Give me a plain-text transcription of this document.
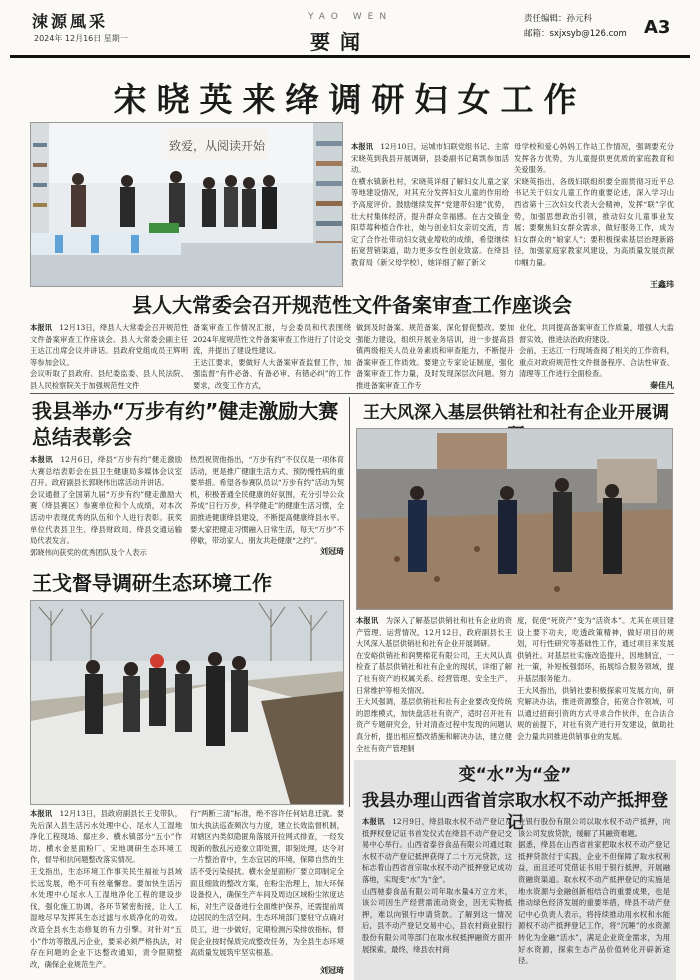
涑源風采
2024年 12月16日 星期一
YAO WEN
要闻
责任编辑：孙元科
邮箱：sxjxsyb@126.com A3
宋晓英来绛调研妇女工作
致爱，从阅读开始	本报讯　 12月10日，运城市妇联党组书记、主席宋晓英到我县开展调研，县委副书记葛凯参加活动。
在横水镇新杜村，宋晓英详细了解妇女儿童之家等地建设情况，对其充分发挥妇女儿童的作用给予高度评价。鼓励继续发挥“党建带妇建”优势，壮大村集体经济，提升群众幸福感。在古交镇金阳草莓种植合作社，她与创业妇女亲切交流，肯定了合作社带动妇女就业增收的成绩，希望继续拓宽营销渠道，助力更多女性创业致富。在绛县教育局（新父母学校），她详细了解了新父
母学校和爱心妈妈工作站工作情况，强调要充分发挥各方优势，为儿童提供更优质的家庭教育和关爱服务。
宋晓英指出，各级妇联组织要全面贯彻习近平总书记关于妇女儿童工作的重要论述，深入学习山西省第十三次妇女代表大会精神，发挥“联”字优势，加强思想政治引领，推动妇女儿童事业发展；要聚焦妇女群众需求，做好服务工作，成为妇女群众的“娘家人”；要积极探索基层治理新路径，加强家庭家教家风建设，为高质量发展贡献巾帼力量。
王鑫玮
县人大常委会召开规范性文件备案审查工作座谈会
本报讯　 12月13日，绛县人大常委会召开规范性文件备案审查工作座谈会。县人大常委会副主任王达江出席会议并讲话。县政府党组成员王辉明等参加会议。
会议听取了县政府、县纪委监委、县人民法院、县人民检察院关于加强规范性文件
备案审查工作情况汇报，与会委员和代表围绕2024年度规范性文件备案审查工作进行了讨论交流，并提出了建设性建议。
王达江要求，要做好人大备案审查监督工作，加强监督“有件必备、有备必审、有错必纠”的工作要求，改变工作方式，
做到及时备案、规范备案、深化督促整改。要加强能力建设，组织开展业务培训，进一步提高县镇两级相关人员业务素质和审查能力，不断提升备案审查工作质效。要建立专家论证制度，强化备案审查工作力量，及时发现深层次问题。努力推进备案审查工作专
业化，共同提高备案审查工作质量，增强人大监督实效，推进法治政府建设。
会前，王达江一行现场查阅了相关的工作资料，重点对政府规范性文件报备程序、合法性审查、清理等工作进行全面检查。
秦佳凡
我县举办“万步有约”健走激励大赛总结表彰会
本报讯　 12月6日，绛县“万步有约”健走激励大赛总结表彰会在县卫生健康局多媒体会议室召开。政府副县长郭晓伟出席活动并讲话。
会议通报了全国第九届“万步有约”健走激励大赛（绛县赛区）参赛单位和个人成绩，对本次活动中表现优秀的队伍和个人进行表彰。获奖单位代表县卫生、绛县财政局、绛县交通运输局代表发言。
郭晓伟向获奖的优秀团队及个人表示
热烈祝贺他指出，“万步有约”不仅仅是一项体育活动，更是推广健康生活方式、预防慢性病的重要举措。希望各参赛队员以“万步有约”活动为契机，积极普通全民健康的好氛围，充分引导公众养成“日行万步，科学健走”的健康生活习惯，全面推进健康绛县建设，不断提高健康绛县水平。要大家把健走习惯融入日常生活，每天“万步”不停歇，带动家人、朋友共赴健康“之约”。
刘冠琦
王戈督导调研生态环境工作
本报讯　 12月13日，县政府副县长王戈带队，先后深入县生活污水处理中心、尾水人工湿地净化工程现场、鄢庄乡、横水镇部分“五小”作坊、横水金星面粉厂、宋地调研生态环境工作，督导和抗问题整改落实情况。
王戈指出，生态环境工作事关民生福祉与县域长远发展，绝不可有丝毫懈怠。要加快生活污水处理中心尾水人工湿地净化工程的建设步伐，强化施工协调，各环节紧密衔接，让人工湿地尽早发挥其生态过滤与水质净化的功效。改造全县水生态修复的有力引擎。对针对“五小”作坊等散乱污企业，要采必须严格执法，对存在问题的企业下达整改通知，责令限期整改，确保企业规范生产。
行“两断三清”标准，绝不容许任何姑息迁就。要加大执法巡查频次与力度，建立长效监督机制，对辖区内类似隐匿角落展开拉网式排查，一经发现新的散乱污迹象立即处置，即刻处理，达令对一片整治青中，生态宜居的环境，保障自然的生活不受污染侵扰。横水金星面粉厂要立即制定全面且细致的整改方案，在粉尘治理上，加大环保设备投入，确保生产车间及周边区域粉尘浓度达标，对生产设备进行全面维护保养，还需提前周边居民的生活空间。生态环境部门要驻守点确对员工，进一步做好，定期检测污染排放指标，督促企业按时保质完成整改任务，为全县生态环境高质量发展筑牢坚实根基。
刘冠琦
王大风深入基层供销社和社有企业开展调
本报讯　 为深入了解基层供销社和社有企业的资产管理、运营情况，12月12日，政府副县长王大风深入基层供销社和社有企业开展调研。
在安峪供销社和润樊棉花有限公司，王大风认真检查了基层供销社和社有企业的现状，详细了解了社有资产的权属关系、经营管理、安全生产、日常维护等相关情况。
王大风强调，基层供销社和社有企业要改变传统的思维模式，加快盘活社有资产，适时召开社有资产专题研究会，针对清查过程中发现的问题认真分析，提出相应整改措施和解决办法，建立健全社有资产管理制
度，促使“死资产”变为“活资本”。尤其在项目建设上要下功夫，吃透政策精神，做好项目的规划，可行性研究等基础性工作，通过项目来发展供销社。对基层社实施改造提升，因地制宜，一社一策，补短板强弱环，拓展综合服务领域，提升基层服务能力。
王大风指出，供销社要积极探索可发展方向，研究解决办法，推进资源整合，拓宽合作领域，可以通过招商引资的方式寻求合作伙伴，在合法合规的前提下，对社有资产进行开发建设，做助社会力量共同推进供销事业的发展。
变“水”为“金”
我县办理山西省首宗取水权不动产抵押登记
本报讯　 12月9日，绛县取水权不动产登记及抵押权登记证书首发仪式在绛县不动产登记交易中心举行。山西省泰谷食品有限公司通过取水权不动产登记抵押获得了二十万元贷款，这标志着山西省首宗取水权不动产抵押登记成功落地，实现变“水”为“金”。
山西驰泰食品有限公司年取水量4万立方米，该公司因生产经营需流动资金，因无实物抵押，难以向银行申请贷款。了解到这一情况后，县不动产登记交易中心，县农村商业银行股份有限公司等部门在取水权抵押融资方面开展探索，最终，绛县农村商
业银行股份有限公司以取水权不动产抵押，向该公司发放贷款，缓解了其融资难题。
据悉，绛县在山西省首家把取水权不动产登记抵押贷款付于实践，企业不但保障了取水权利益，而且还可凭借证书用于银行抵押，开展融资融资渠道。取水权不动产抵押登记的实施是地水资源与金融创新相结合的重要成果，也是推动绿色经济发展的重要举措，绛县不动产登记中心负责人表示，将持续推动用水权和水能源权不动产抵押登记工作，将“沉睡”的水资源转化为金融“活水”，满足企业资金需求，为用好水资源，探索生态产品价值转化开辟新途径。
